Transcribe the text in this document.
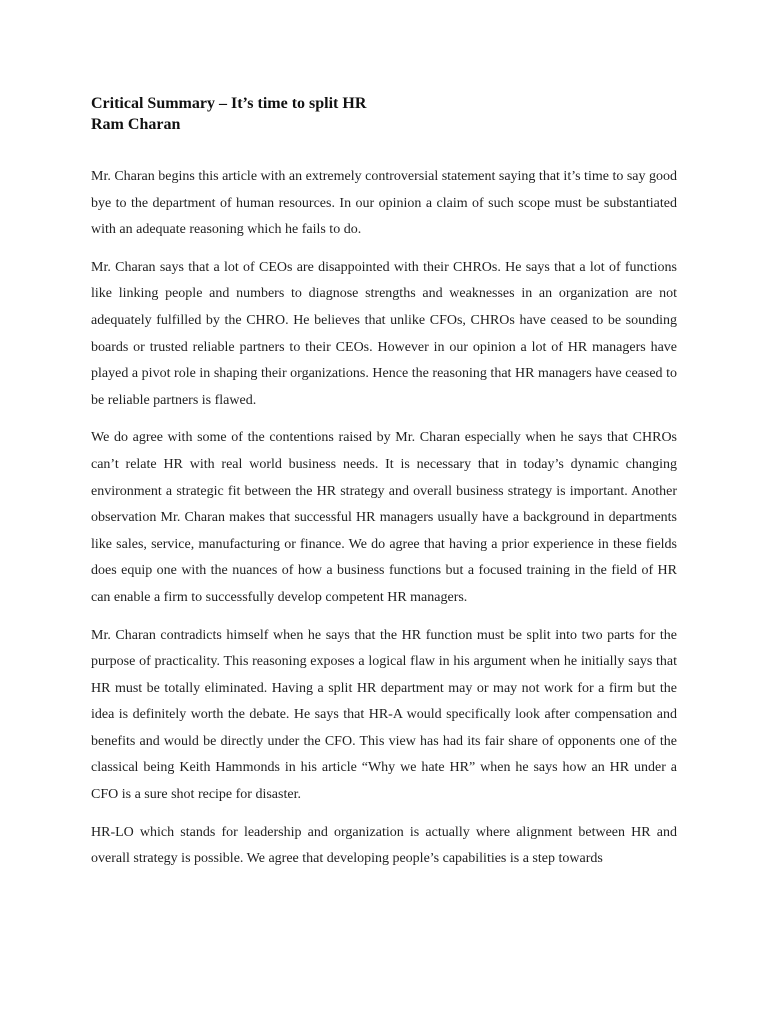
Critical Summary – It’s time to split HR
Ram Charan

Mr. Charan begins this article with an extremely controversial statement saying that it’s time to say good bye to the department of human resources. In our opinion a claim of such scope must be substantiated with an adequate reasoning which he fails to do.

Mr. Charan says that a lot of CEOs are disappointed with their CHROs. He says that a lot of functions like linking people and numbers to diagnose strengths and weaknesses in an organization are not adequately fulfilled by the CHRO. He believes that unlike CFOs, CHROs have ceased to be sounding boards or trusted reliable partners to their CEOs. However in our opinion a lot of HR managers have played a pivot role in shaping their organizations. Hence the reasoning that HR managers have ceased to be reliable partners is flawed.

We do agree with some of the contentions raised by Mr. Charan especially when he says that CHROs can’t relate HR with real world business needs. It is necessary that in today’s dynamic changing environment a strategic fit between the HR strategy and overall business strategy is important. Another observation Mr. Charan makes that successful HR managers usually have a background in departments like sales, service, manufacturing or finance. We do agree that having a prior experience in these fields does equip one with the nuances of how a business functions but a focused training in the field of HR can enable a firm to successfully develop competent HR managers.

Mr. Charan contradicts himself when he says that the HR function must be split into two parts for the purpose of practicality. This reasoning exposes a logical flaw in his argument when he initially says that HR must be totally eliminated. Having a split HR department may or may not work for a firm but the idea is definitely worth the debate. He says that HR-A would specifically look after compensation and benefits and would be directly under the CFO. This view has had its fair share of opponents one of the classical being Keith Hammonds in his article “Why we hate HR” when he says how an HR under a CFO is a sure shot recipe for disaster.

HR-LO which stands for leadership and organization is actually where alignment between HR and overall strategy is possible. We agree that developing people’s capabilities is a step towards
